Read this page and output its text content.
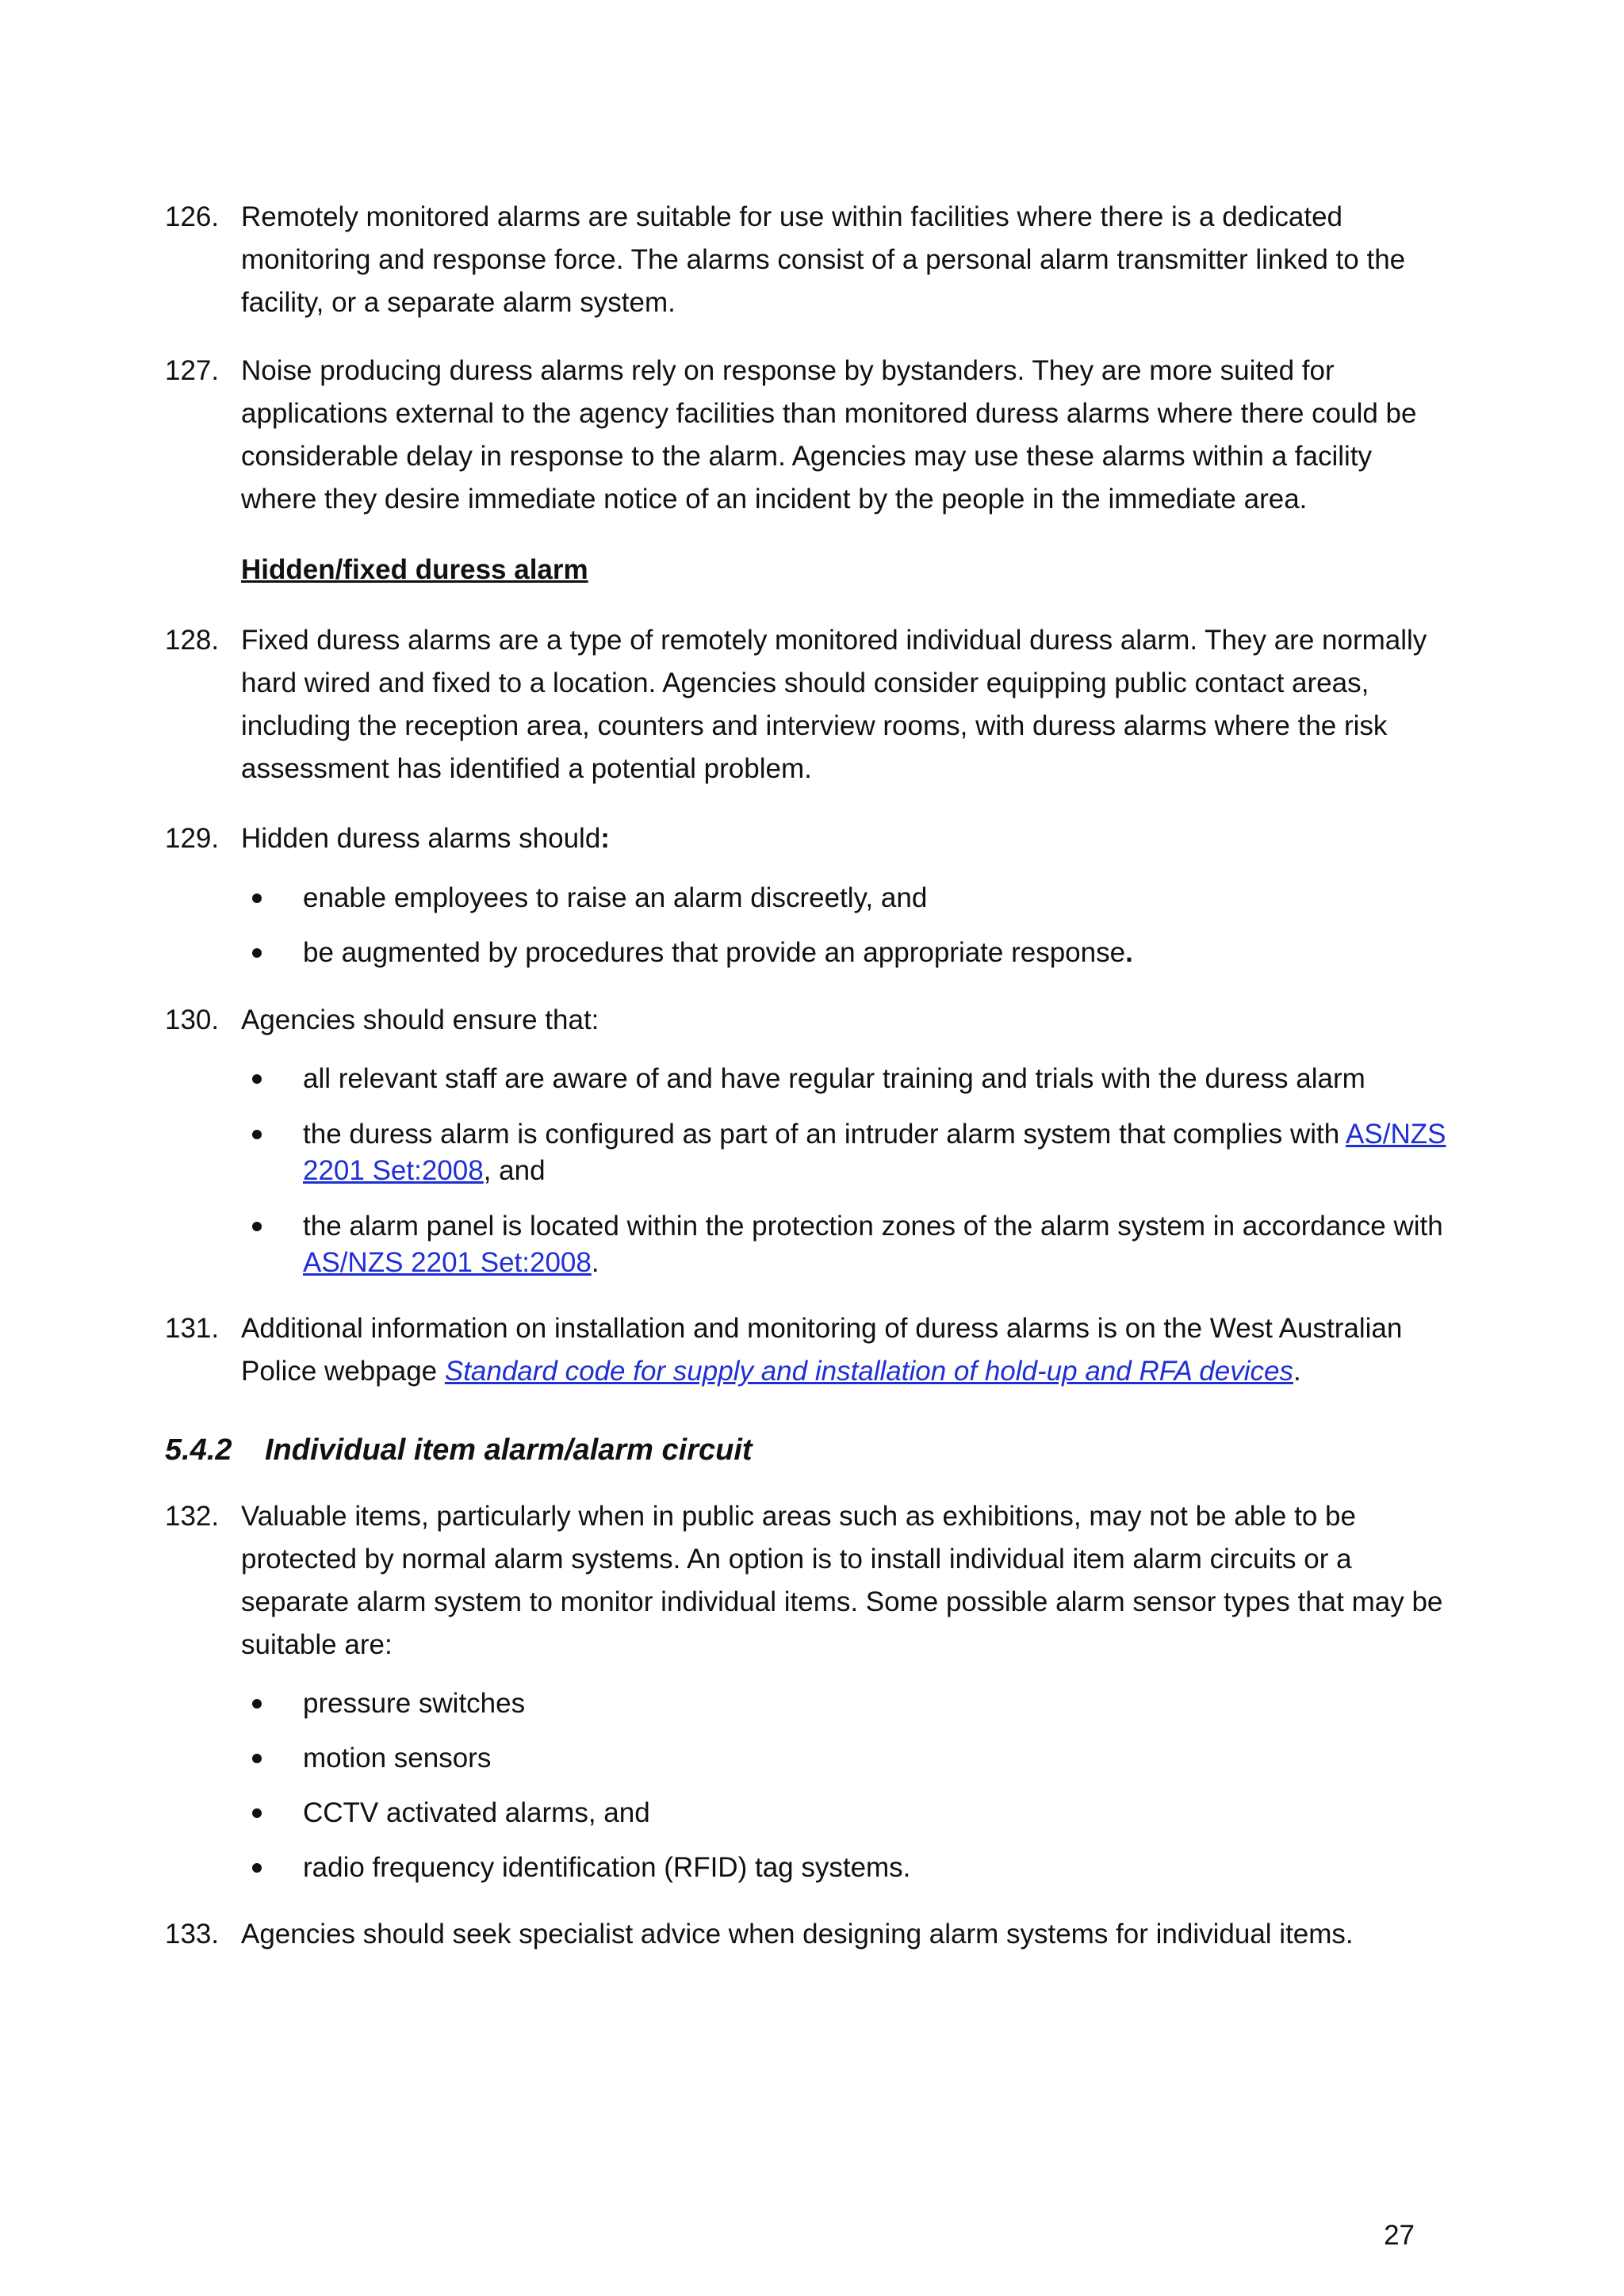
126. Remotely monitored alarms are suitable for use within facilities where there is a dedicated
monitoring and response force. The alarms consist of a personal alarm transmitter linked to the
facility, or a separate alarm system.
127. Noise producing duress alarms rely on response by bystanders. They are more suited for
applications external to the agency facilities than monitored duress alarms where there could be
considerable delay in response to the alarm. Agencies may use these alarms within a facility
where they desire immediate notice of an incident by the people in the immediate area.
Hidden/fixed duress alarm
128. Fixed duress alarms are a type of remotely monitored individual duress alarm. They are normally
hard wired and fixed to a location. Agencies should consider equipping public contact areas,
including the reception area, counters and interview rooms, with duress alarms where the risk
assessment has identified a potential problem.
129. Hidden duress alarms should:
enable employees to raise an alarm discreetly, and
be augmented by procedures that provide an appropriate response.
130. Agencies should ensure that:
all relevant staff are aware of and have regular training and trials with the duress alarm
the duress alarm is configured as part of an intruder alarm system that complies with AS/NZS
2201 Set:2008, and
the alarm panel is located within the protection zones of the alarm system in accordance with
AS/NZS 2201 Set:2008.
131. Additional information on installation and monitoring of duress alarms is on the West Australian
Police webpage Standard code for supply and installation of hold-up and RFA devices.
5.4.2 Individual item alarm/alarm circuit
132. Valuable items, particularly when in public areas such as exhibitions, may not be able to be
protected by normal alarm systems. An option is to install individual item alarm circuits or a
separate alarm system to monitor individual items. Some possible alarm sensor types that may be
suitable are:
pressure switches
motion sensors
CCTV activated alarms, and
radio frequency identification (RFID) tag systems.
133. Agencies should seek specialist advice when designing alarm systems for individual items.
27
